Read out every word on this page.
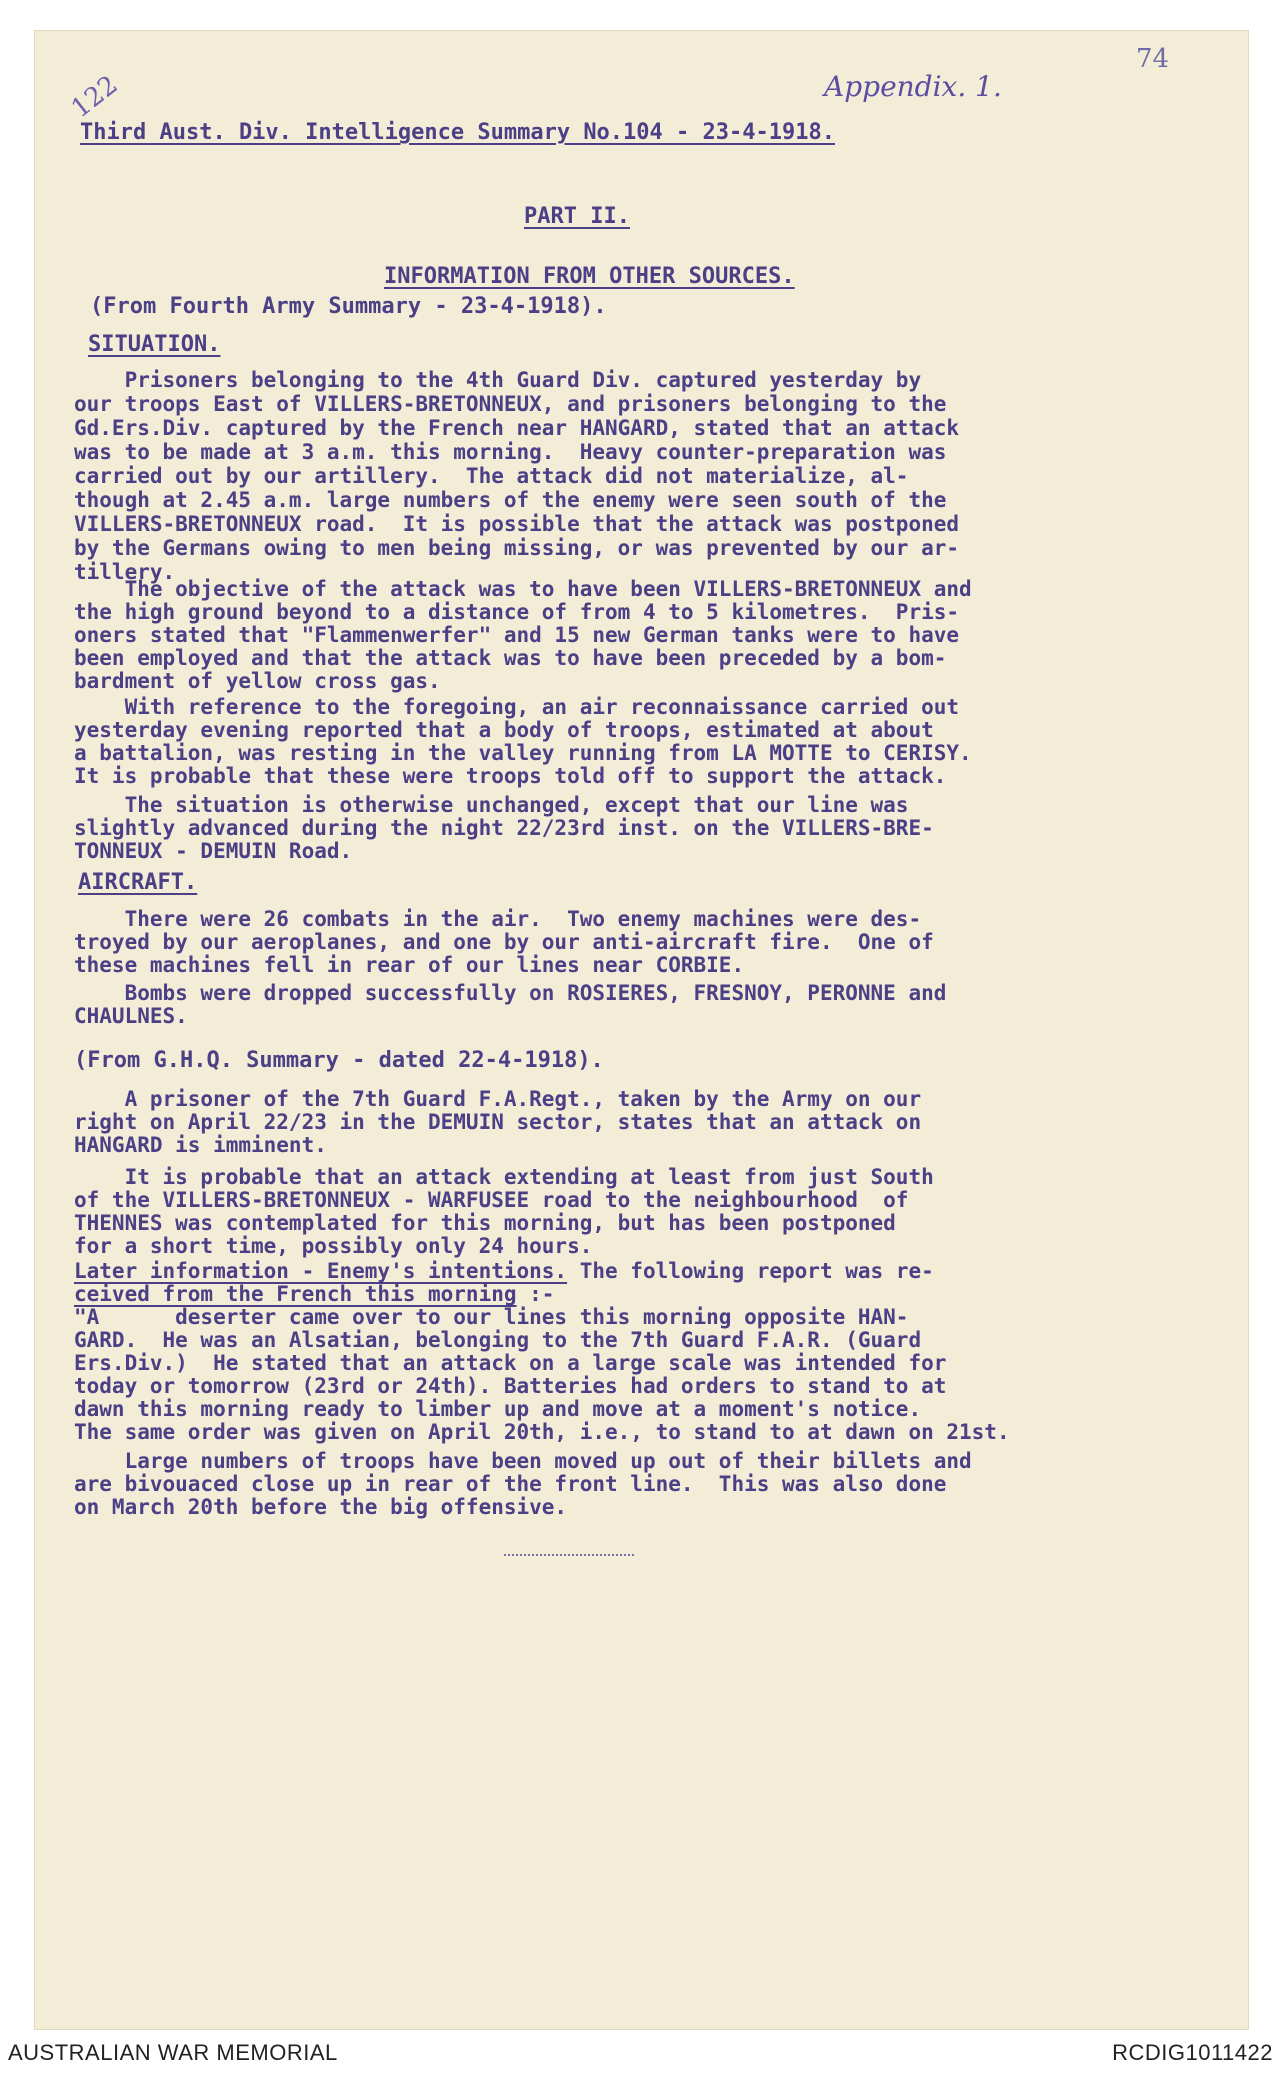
74
122	Appendix. 1.
Third Aust. Div. Intelligence Summary No.104 - 23-4-1918.
PART II.
INFORMATION FROM OTHER SOURCES.
(From Fourth Army Summary - 23-4-1918).
SITUATION.

Prisoners belonging to the 4th Guard Div. captured yesterday by
our troops East of VILLERS-BRETONNEUX, and prisoners belonging to the
Gd.Ers.Div. captured by the French near HANGARD, stated that an attack
was to be made at 3 a.m. this morning.  Heavy counter-preparation was
carried out by our artillery.  The attack did not materialize, al-
though at 2.45 a.m. large numbers of the enemy were seen south of the
VILLERS-BRETONNEUX road.  It is possible that the attack was postponed
by the Germans owing to men being missing, or was prevented by our ar-
tillery.

The objective of the attack was to have been VILLERS-BRETONNEUX and
the high ground beyond to a distance of from 4 to 5 kilometres.  Pris-
oners stated that "Flammenwerfer" and 15 new German tanks were to have
been employed and that the attack was to have been preceded by a bom-
bardment of yellow cross gas.

With reference to the foregoing, an air reconnaissance carried out
yesterday evening reported that a body of troops, estimated at about
a battalion, was resting in the valley running from LA MOTTE to CERISY.
It is probable that these were troops told off to support the attack.

The situation is otherwise unchanged, except that our line was
slightly advanced during the night 22/23rd inst. on the VILLERS-BRE-
TONNEUX - DEMUIN Road.

AIRCRAFT.

There were 26 combats in the air.  Two enemy machines were des-
troyed by our aeroplanes, and one by our anti-aircraft fire.  One of
these machines fell in rear of our lines near CORBIE.

Bombs were dropped successfully on ROSIERES, FRESNOY, PERONNE and
CHAULNES.

(From G.H.Q. Summary - dated 22-4-1918).

A prisoner of the 7th Guard F.A.Regt., taken by the Army on our
right on April 22/23 in the DEMUIN sector, states that an attack on
HANGARD is imminent.

It is probable that an attack extending at least from just South
of the VILLERS-BRETONNEUX - WARFUSEE road to the neighbourhood  of
THENNES was contemplated for this morning, but has been postponed
for a short time, possibly only 24 hours.

Later information - Enemy's intentions. The following report was re-
ceived from the French this morning :-

"A      deserter came over to our lines this morning opposite HAN-
GARD.  He was an Alsatian, belonging to the 7th Guard F.A.R. (Guard
Ers.Div.)  He stated that an attack on a large scale was intended for
today or tomorrow (23rd or 24th). Batteries had orders to stand to at
dawn this morning ready to limber up and move at a moment's notice.
The same order was given on April 20th, i.e., to stand to at dawn on 21st.

Large numbers of troops have been moved up out of their billets and
are bivouaced close up in rear of the front line.  This was also done
on March 20th before the big offensive.

AUSTRALIAN WAR MEMORIAL	RCDIG1011422
